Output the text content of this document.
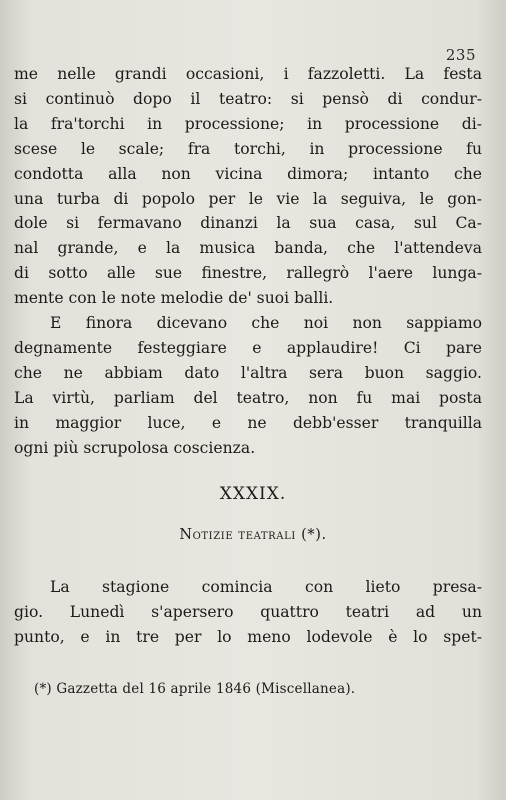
235
me nelle grandi occasioni, i fazzoletti. La festa
si continuò dopo il teatro: si pensò di condur-
la fra'torchi in processione; in processione di-
scese le scale; fra torchi, in processione fu
condotta alla non vicina dimora; intanto che
una turba di popolo per le vie la seguiva, le gon-
dole si fermavano dinanzi la sua casa, sul Ca-
nal grande, e la musica banda, che l'attendeva
di sotto alle sue finestre, rallegrò l'aere lunga-
mente con le note melodie de' suoi balli.
E finora dicevano che noi non sappiamo
degnamente festeggiare e applaudire! Ci pare
che ne abbiam dato l'altra sera buon saggio.
La virtù, parliam del teatro, non fu mai posta
in maggior luce, e ne debb'esser tranquilla
ogni più scrupolosa coscienza.
XXXIX.
Notizie teatrali (*).
La stagione comincia con lieto presa-
gio. Lunedì s'apersero quattro teatri ad un
punto, e in tre per lo meno lodevole è lo spet-
(*) Gazzetta del 16 aprile 1846 (Miscellanea).
